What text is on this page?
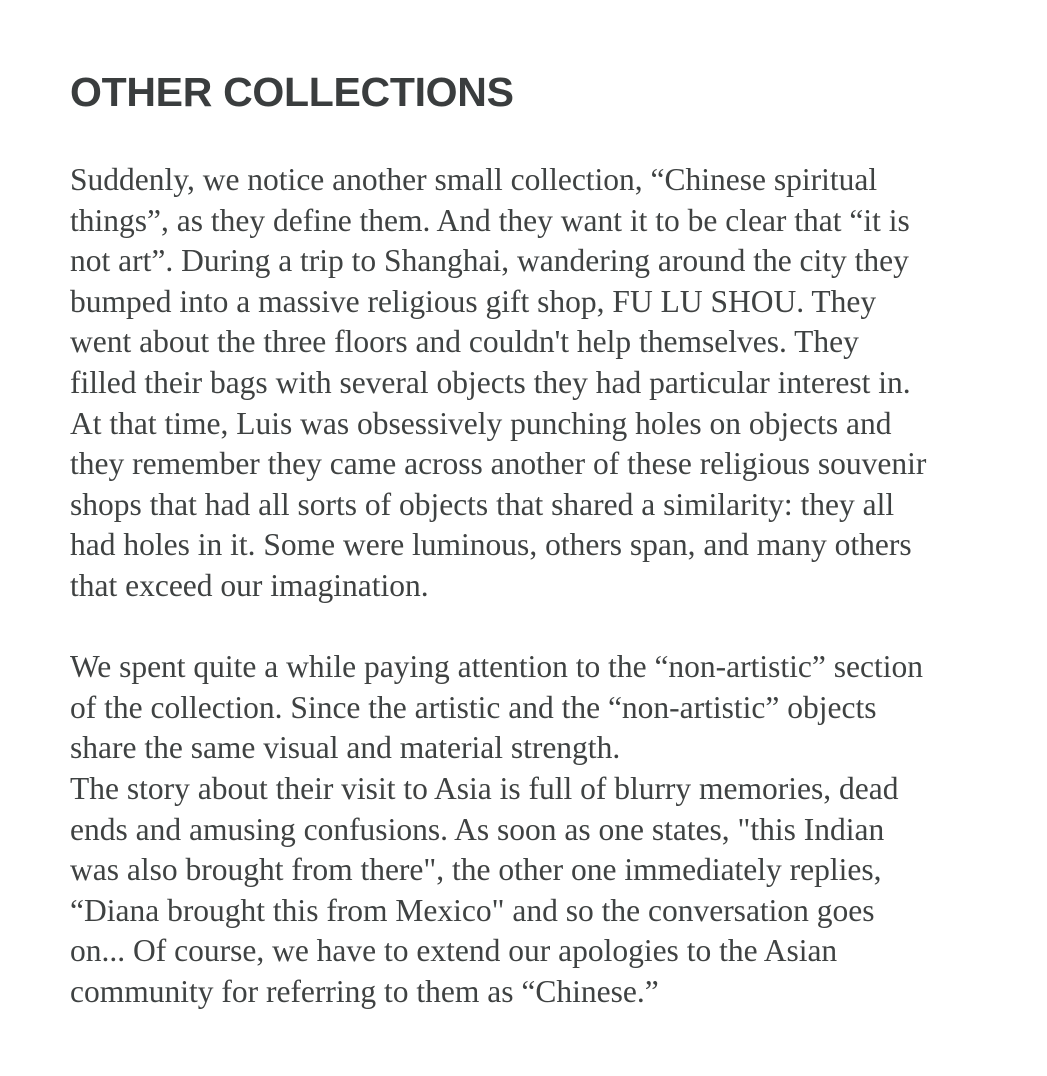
OTHER COLLECTIONS

Suddenly, we notice another small collection, “Chinese spiritual
things”, as they define them. And they want it to be clear that “it is
not art”. During a trip to Shanghai, wandering around the city they
bumped into a massive religious gift shop, FU LU SHOU. They
went about the three floors and couldn't help themselves. They
filled their bags with several objects they had particular interest in.
At that time, Luis was obsessively punching holes on objects and
they remember they came across another of these religious souvenir
shops that had all sorts of objects that shared a similarity: they all
had holes in it. Some were luminous, others span, and many others
that exceed our imagination.

We spent quite a while paying attention to the “non-artistic” section
of the collection. Since the artistic and the “non-artistic” objects
share the same visual and material strength.

The story about their visit to Asia is full of blurry memories, dead
ends and amusing confusions. As soon as one states, "this Indian
was also brought from there", the other one immediately replies,
“Diana brought this from Mexico" and so the conversation goes
on... Of course, we have to extend our apologies to the Asian
community for referring to them as “Chinese.”
